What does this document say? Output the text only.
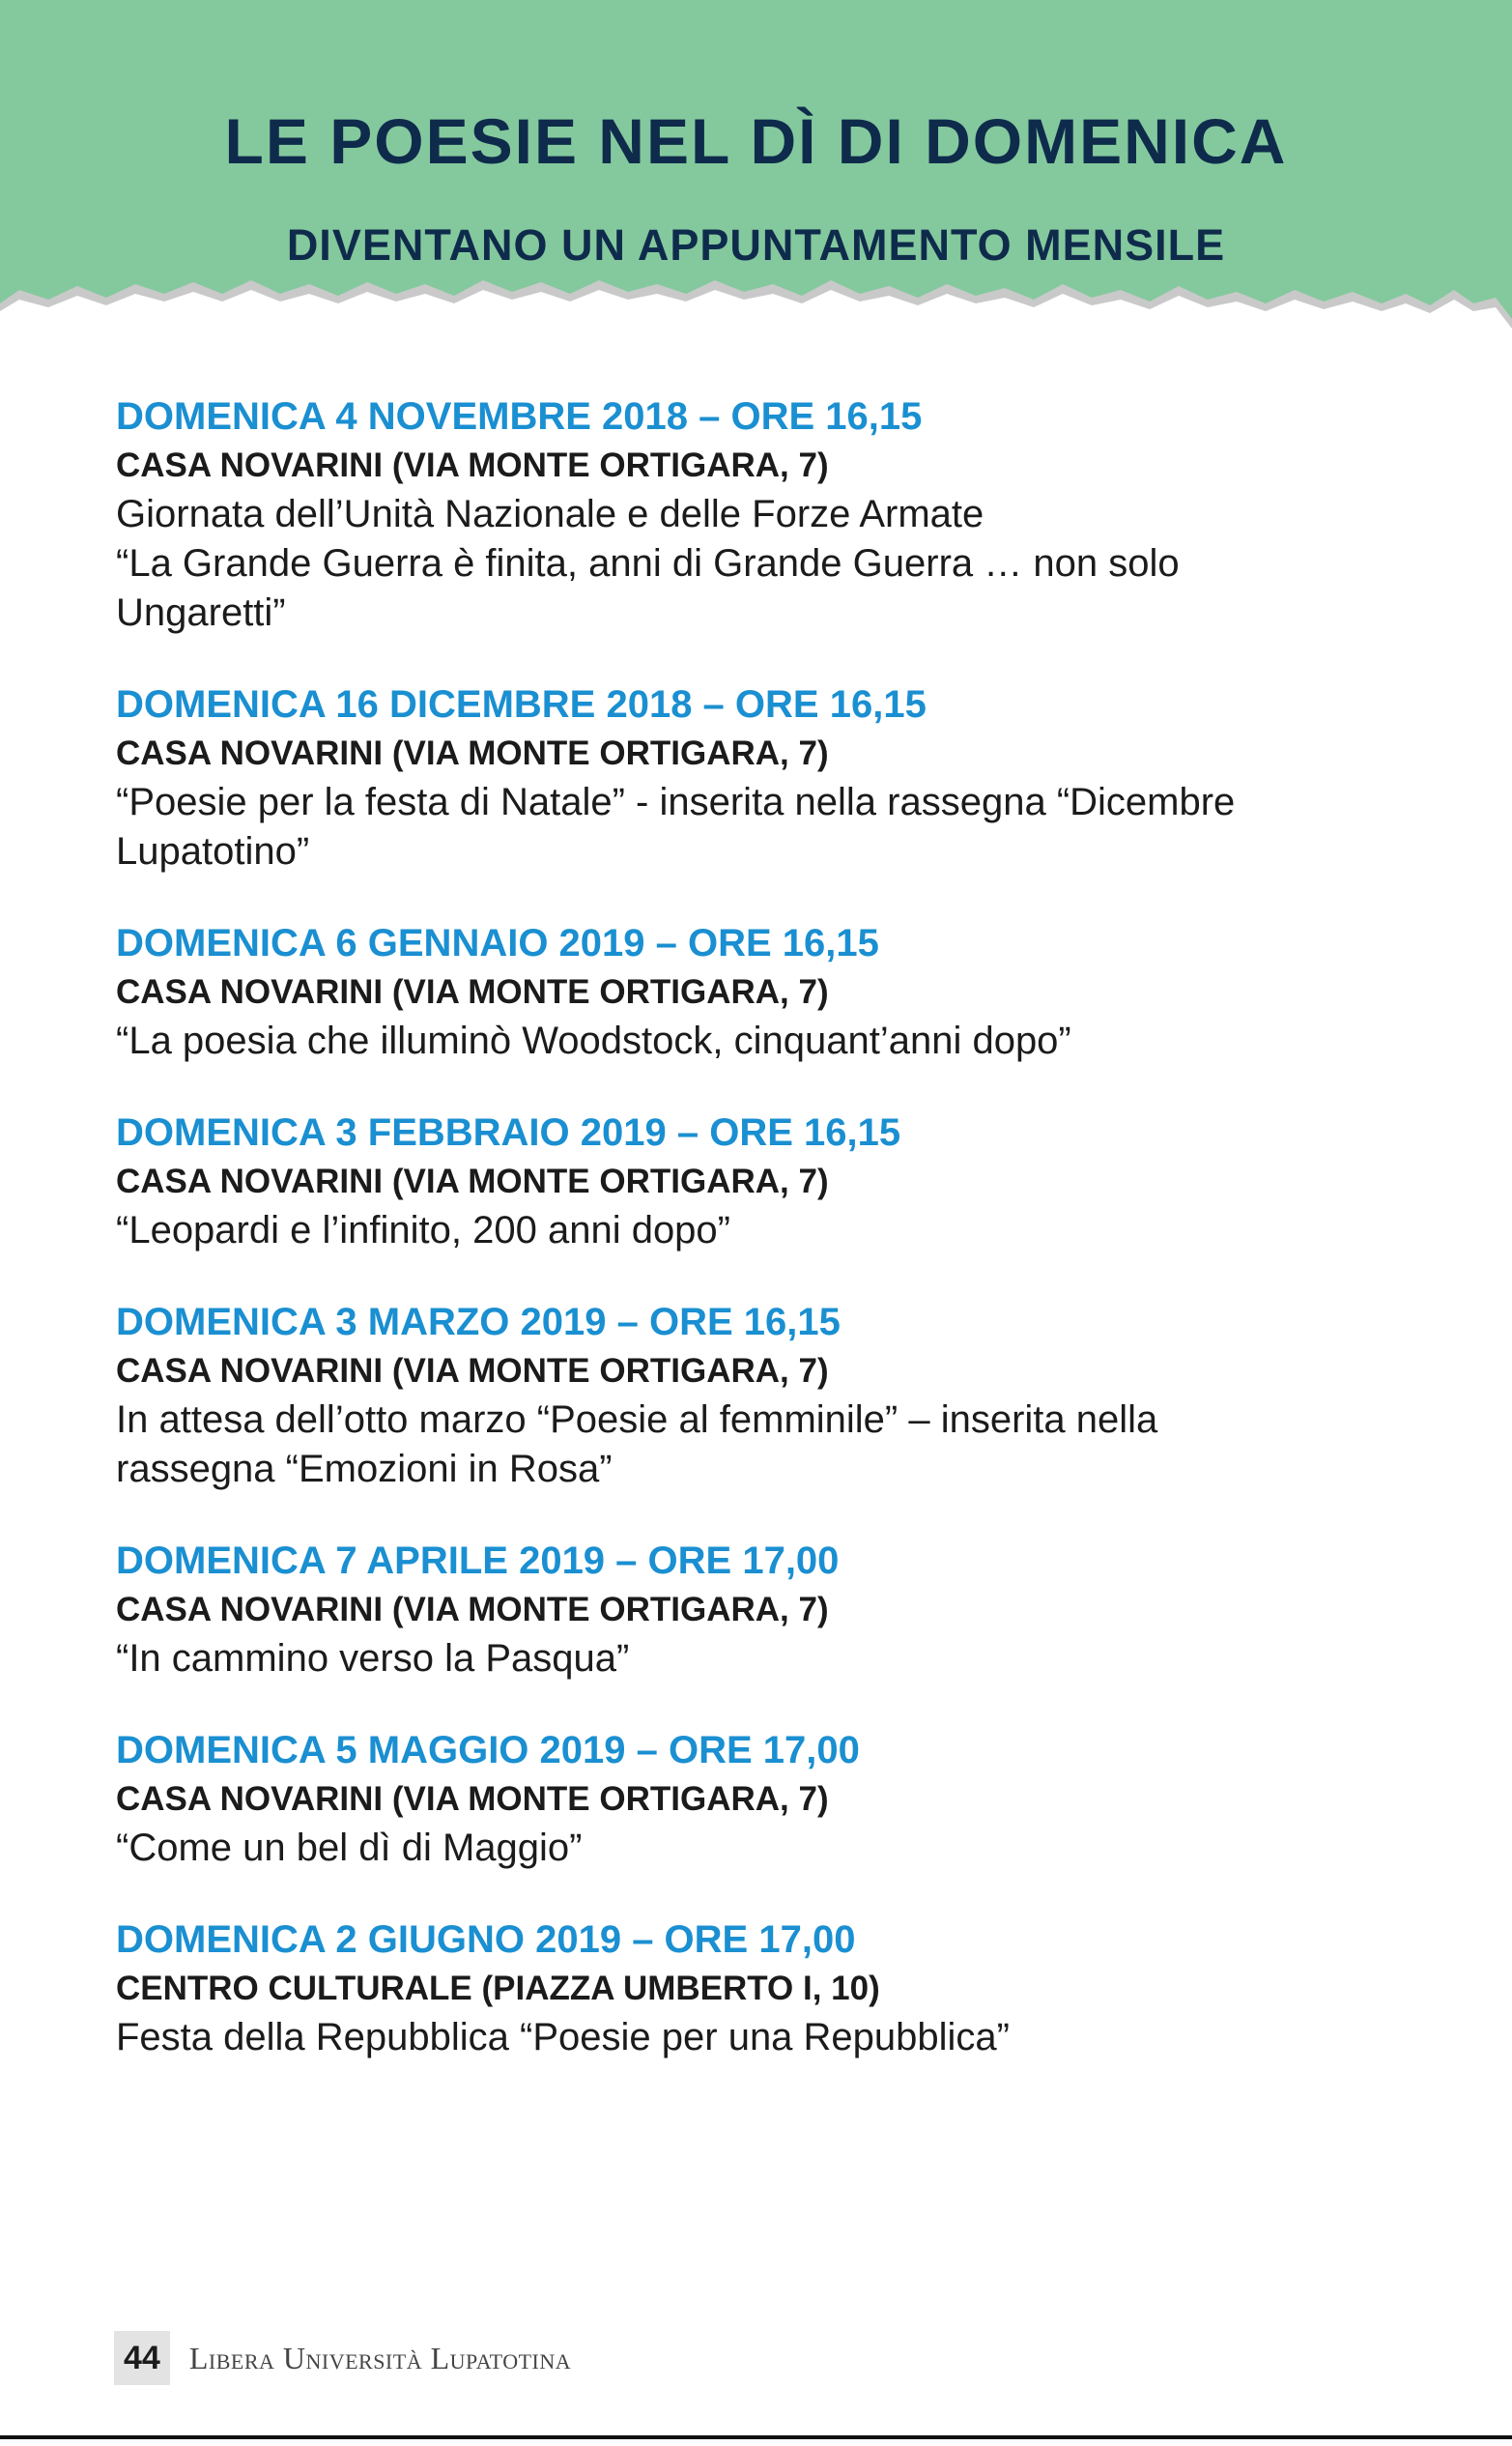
LE POESIE NEL DÌ DI DOMENICA
DIVENTANO UN APPUNTAMENTO MENSILE
DOMENICA 4 NOVEMBRE 2018 – ORE 16,15
CASA NOVARINI (VIA MONTE ORTIGARA, 7)
Giornata dell’Unità Nazionale e delle Forze Armate
“La Grande Guerra è finita, anni di Grande Guerra … non solo
Ungaretti”
DOMENICA 16 DICEMBRE 2018 – ORE 16,15
CASA NOVARINI (VIA MONTE ORTIGARA, 7)
“Poesie per la festa di Natale” - inserita nella rassegna “Dicembre
Lupatotino”
DOMENICA 6 GENNAIO 2019 – ORE 16,15
CASA NOVARINI (VIA MONTE ORTIGARA, 7)
“La poesia che illuminò Woodstock, cinquant’anni dopo”
DOMENICA 3 FEBBRAIO 2019 – ORE 16,15
CASA NOVARINI (VIA MONTE ORTIGARA, 7)
“Leopardi e l’infinito, 200 anni dopo”
DOMENICA 3 MARZO 2019 – ORE 16,15
CASA NOVARINI (VIA MONTE ORTIGARA, 7)
In attesa dell’otto marzo “Poesie al femminile” – inserita nella
rassegna “Emozioni in Rosa”
DOMENICA 7 APRILE 2019 – ORE 17,00
CASA NOVARINI (VIA MONTE ORTIGARA, 7)
“In cammino verso la Pasqua”
DOMENICA 5 MAGGIO 2019 – ORE 17,00
CASA NOVARINI (VIA MONTE ORTIGARA, 7)
“Come un bel dì di Maggio”
DOMENICA 2 GIUGNO 2019 – ORE 17,00
CENTRO CULTURALE (PIAZZA UMBERTO I, 10)
Festa della Repubblica “Poesie per una Repubblica”
44 Libera Università Lupatotina
